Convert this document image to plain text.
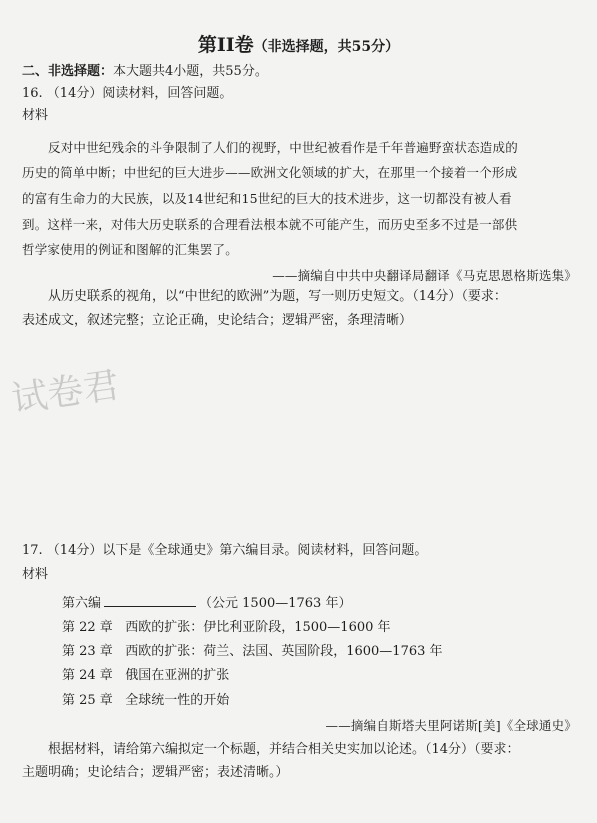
第II卷（非选择题，共55分）
二、非选择题：本大题共4小题，共55分。
16. （14分）阅读材料，回答问题。
材料
反对中世纪残余的斗争限制了人们的视野，中世纪被看作是千年普遍野蛮状态造成的
历史的简单中断；中世纪的巨大进步——欧洲文化领域的扩大，在那里一个接着一个形成
的富有生命力的大民族，以及14世纪和15世纪的巨大的技术进步，这一切都没有被人看
到。这样一来，对伟大历史联系的合理看法根本就不可能产生，而历史至多不过是一部供
哲学家使用的例证和图解的汇集罢了。
——摘编自中共中央翻译局翻译《马克思恩格斯选集》
从历史联系的视角，以“中世纪的欧洲”为题，写一则历史短文。（14分）（要求：
表述成文，叙述完整；立论正确，史论结合；逻辑严密，条理清晰）
试卷君
17. （14分）以下是《全球通史》第六编目录。阅读材料，回答问题。
材料
第六编	（公元 1500—1763 年）
第 22 章 西欧的扩张：伊比利亚阶段，1500—1600 年
第 23 章 西欧的扩张：荷兰、法国、英国阶段，1600—1763 年
第 24 章 俄国在亚洲的扩张
第 25 章 全球统一性的开始
——摘编自斯塔夫里阿诺斯[美]《全球通史》
根据材料，请给第六编拟定一个标题，并结合相关史实加以论述。（14分）（要求：
主题明确；史论结合；逻辑严密；表述清晰。）
